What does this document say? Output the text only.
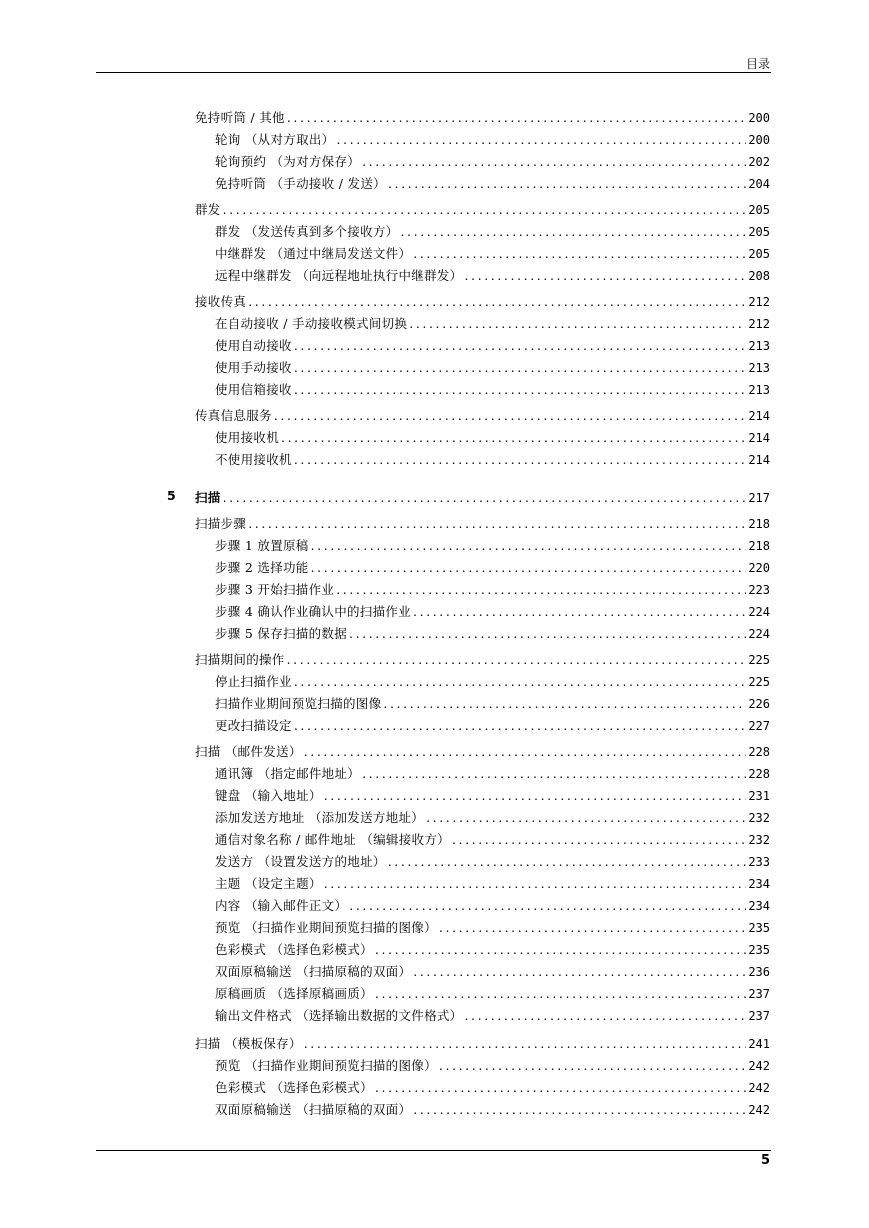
目录
免持听筒 / 其他 .....	200
轮询 （从对方取出） .....	200
轮询预约 （为对方保存） .....	202
免持听筒 （手动接收 / 发送） .....	204
群发 .....	205
群发 （发送传真到多个接收方） .....	205
中继群发 （通过中继局发送文件） .....	205
远程中继群发 （向远程地址执行中继群发） .....	208
接收传真 .....	212
在自动接收 / 手动接收模式间切换 .....	212
使用自动接收 .....	213
使用手动接收 .....	213
使用信箱接收 .....	213
传真信息服务 .....	214
使用接收机 .....	214
不使用接收机 .....	214
5 扫描 .....	217
扫描步骤 .....	218
步骤 1 放置原稿 .....	218
步骤 2 选择功能 .....	220
步骤 3 开始扫描作业 .....	223
步骤 4 确认作业确认中的扫描作业 .....	224
步骤 5 保存扫描的数据 .....	224
扫描期间的操作 .....	225
停止扫描作业 .....	225
扫描作业期间预览扫描的图像 .....	226
更改扫描设定 .....	227
扫描 （邮件发送） .....	228
通讯簿 （指定邮件地址） .....	228
键盘 （输入地址） .....	231
添加发送方地址 （添加发送方地址） .....	232
通信对象名称 / 邮件地址 （编辑接收方） .....	232
发送方 （设置发送方的地址） .....	233
主题 （设定主题） .....	234
内容 （输入邮件正文） .....	234
预览 （扫描作业期间预览扫描的图像） .....	235
色彩模式 （选择色彩模式） .....	235
双面原稿输送 （扫描原稿的双面） .....	236
原稿画质 （选择原稿画质） .....	237
输出文件格式 （选择输出数据的文件格式） .....	237
扫描 （模板保存） .....	241
预览 （扫描作业期间预览扫描的图像） .....	242
色彩模式 （选择色彩模式） .....	242
双面原稿输送 （扫描原稿的双面） .....	242
5
